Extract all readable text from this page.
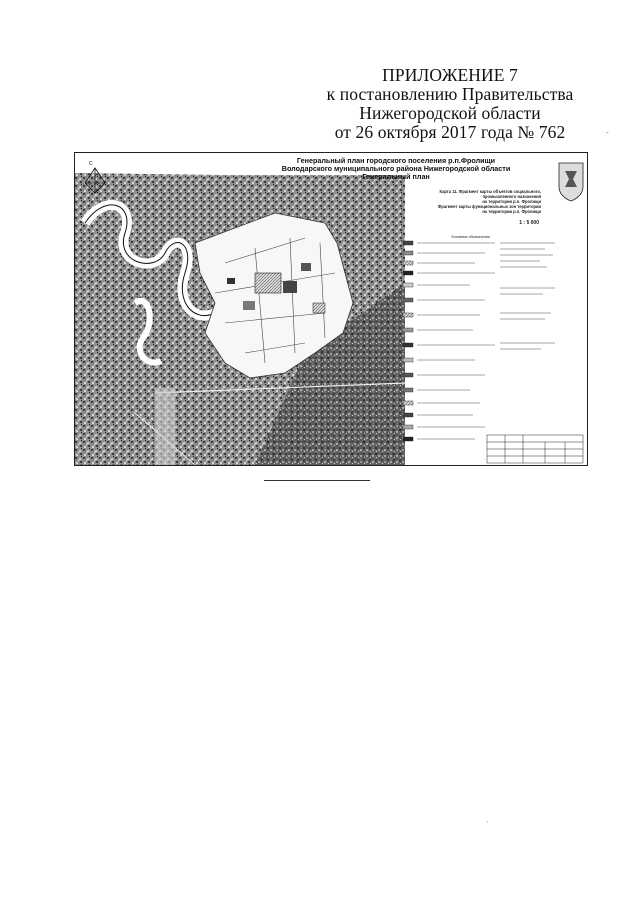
ПРИЛОЖЕНИЕ 7
к постановлению Правительства
Нижегородской области
от 26 октября 2017 года № 762
С	Генеральный план городского поселения р.п.Фролищи
Володарского муниципального района Нижегородской области
Генеральный план
Карта 11. Фрагмент карты объектов социального,
промышленного назначения
на территории р.п. Фролищи
Фрагмент карты функциональных зон территории
на территории р.п. Фролищи
1 : 5 000
Условные обозначения
-
·
